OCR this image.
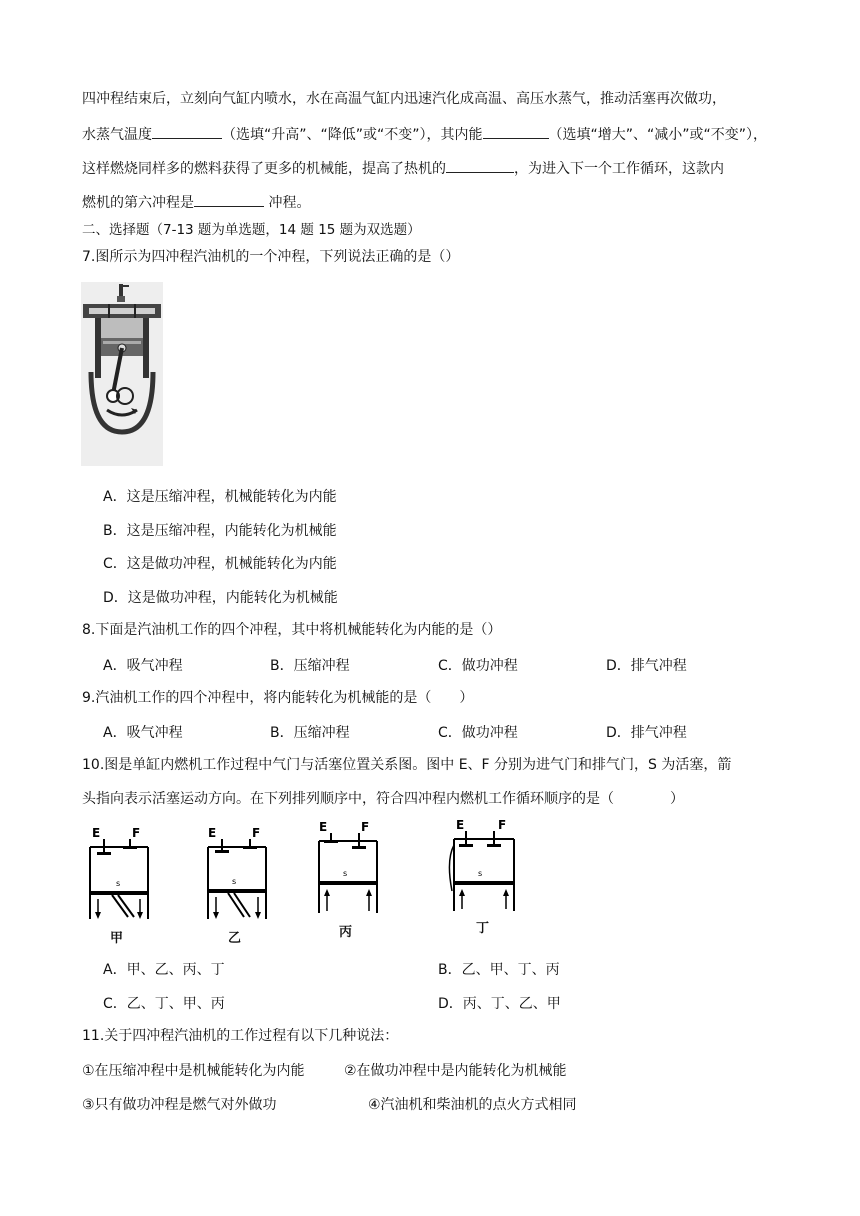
四冲程结束后，立刻向气缸内喷水，水在高温气缸内迅速汽化成高温、高压水蒸气，推动活塞再次做功，
水蒸气温度	（选填“升高”、“降低”或“不变”），其内能	（选填“增大”、“减小”或“不变”），
这样燃烧同样多的燃料获得了更多的机械能，提高了热机的	，为进入下一个工作循环，这款内
燃机的第六冲程是	冲程。
二、选择题（7-13 题为单选题，14 题 15 题为双选题）
7.图所示为四冲程汽油机的一个冲程，下列说法正确的是（）
A．这是压缩冲程，机械能转化为内能
B．这是压缩冲程，内能转化为机械能
C．这是做功冲程，机械能转化为内能
D．这是做功冲程，内能转化为机械能
8.下面是汽油机工作的四个冲程，其中将机械能转化为内能的是（）
A．吸气冲程	B．压缩冲程	C．做功冲程	D．排气冲程
9.汽油机工作的四个冲程中，将内能转化为机械能的是（　　）
A．吸气冲程	B．压缩冲程	C．做功冲程	D．排气冲程
10.图是单缸内燃机工作过程中气门与活塞位置关系图。图中 E、F 分别为进气门和排气门，S 为活塞，箭
头指向表示活塞运动方向。在下列排列顺序中，符合四冲程内燃机工作循环顺序的是（　　　　）
E	F
s
甲
E	F
s
乙
E	F
s
丙
E	F
s
丁
A．甲、乙、丙、丁	B．乙、甲、丁、丙
C．乙、丁、甲、丙	D．丙、丁、乙、甲
11.关于四冲程汽油机的工作过程有以下几种说法：
①在压缩冲程中是机械能转化为内能	②在做功冲程中是内能转化为机械能
③只有做功冲程是燃气对外做功	④汽油机和柴油机的点火方式相同
